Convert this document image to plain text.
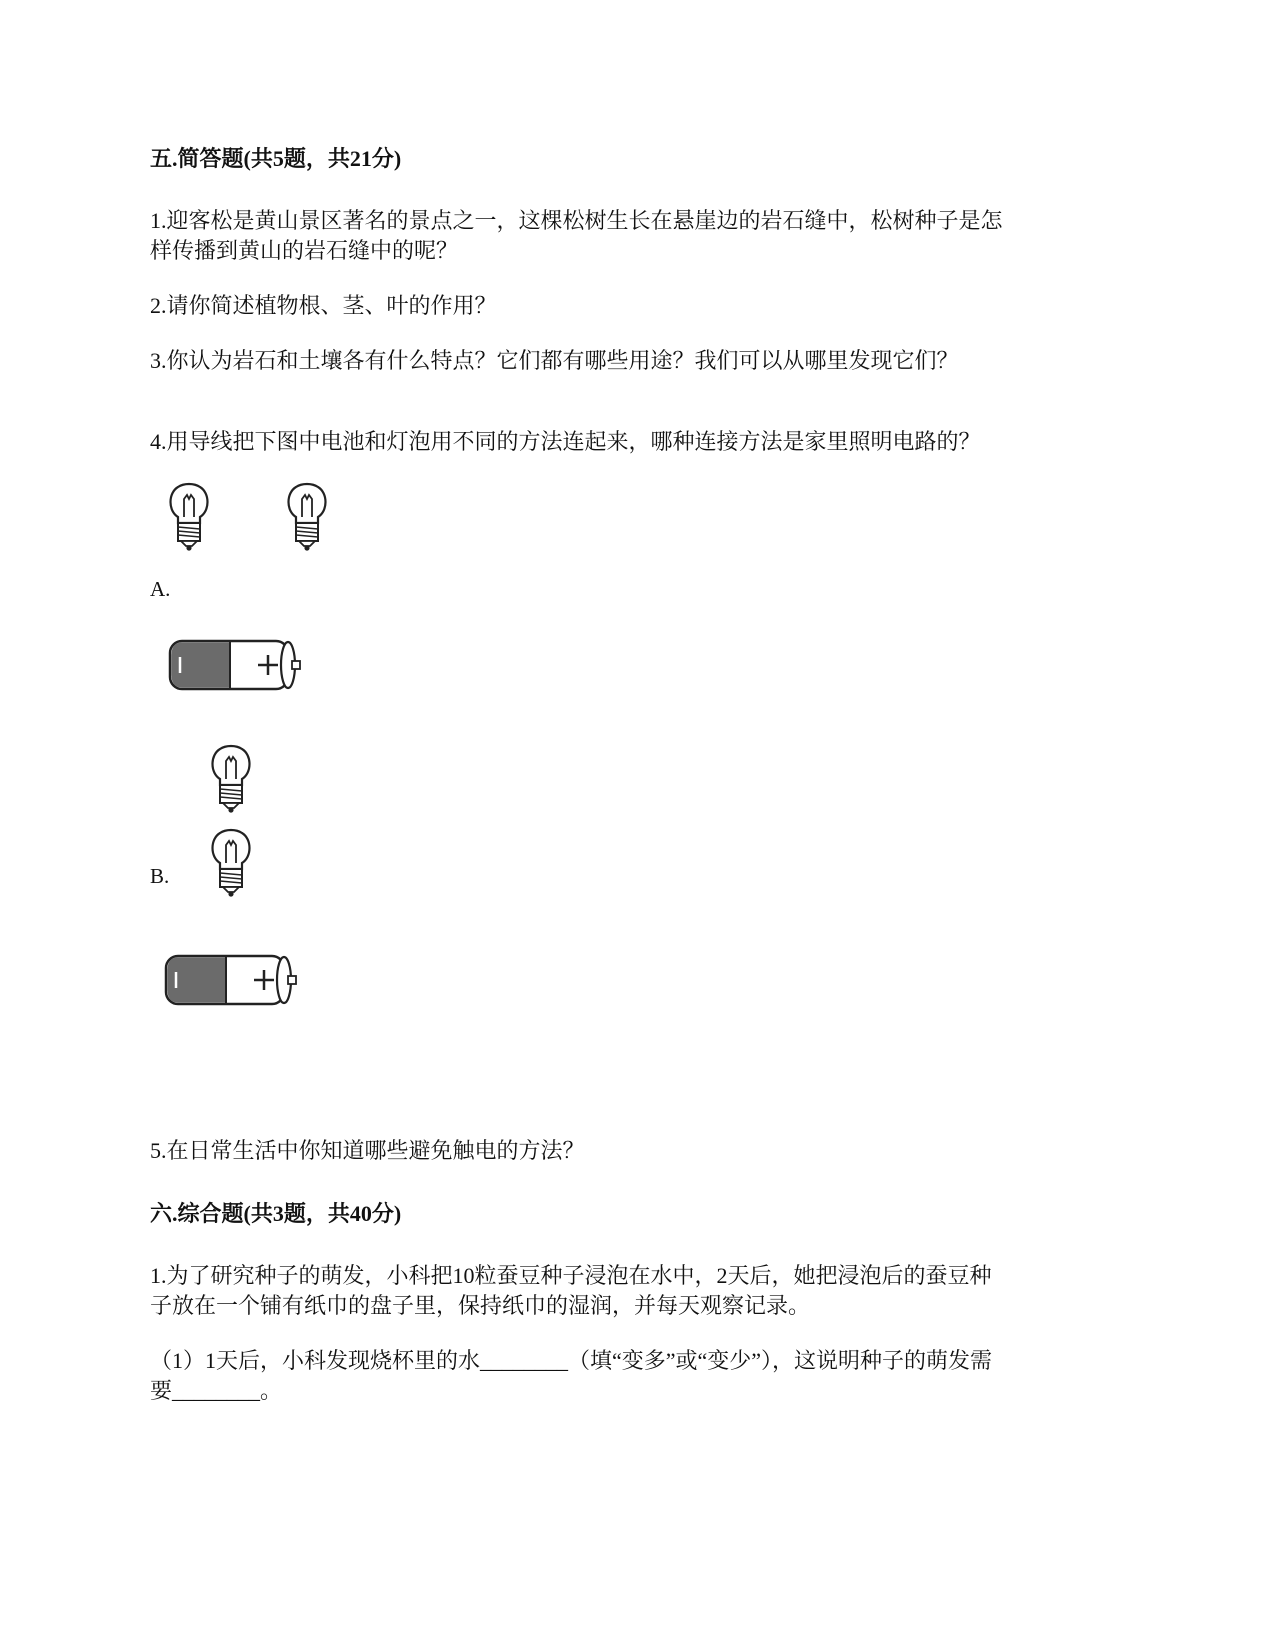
五.简答题(共5题，共21分)

1.迎客松是黄山景区著名的景点之一，这棵松树生长在悬崖边的岩石缝中，松树种子是怎

样传播到黄山的岩石缝中的呢？

2.请你简述植物根、茎、叶的作用？

3.你认为岩石和土壤各有什么特点？它们都有哪些用途？我们可以从哪里发现它们？

4.用导线把下图中电池和灯泡用不同的方法连起来，哪种连接方法是家里照明电路的？

A.
B.

5.在日常生活中你知道哪些避免触电的方法？

六.综合题(共3题，共40分)

1.为了研究种子的萌发，小科把10粒蚕豆种子浸泡在水中，2天后，她把浸泡后的蚕豆种

子放在一个铺有纸巾的盘子里，保持纸巾的湿润，并每天观察记录。

（1）1天后，小科发现烧杯里的水________（填“变多”或“变少”），这说明种子的萌发需

要________。
